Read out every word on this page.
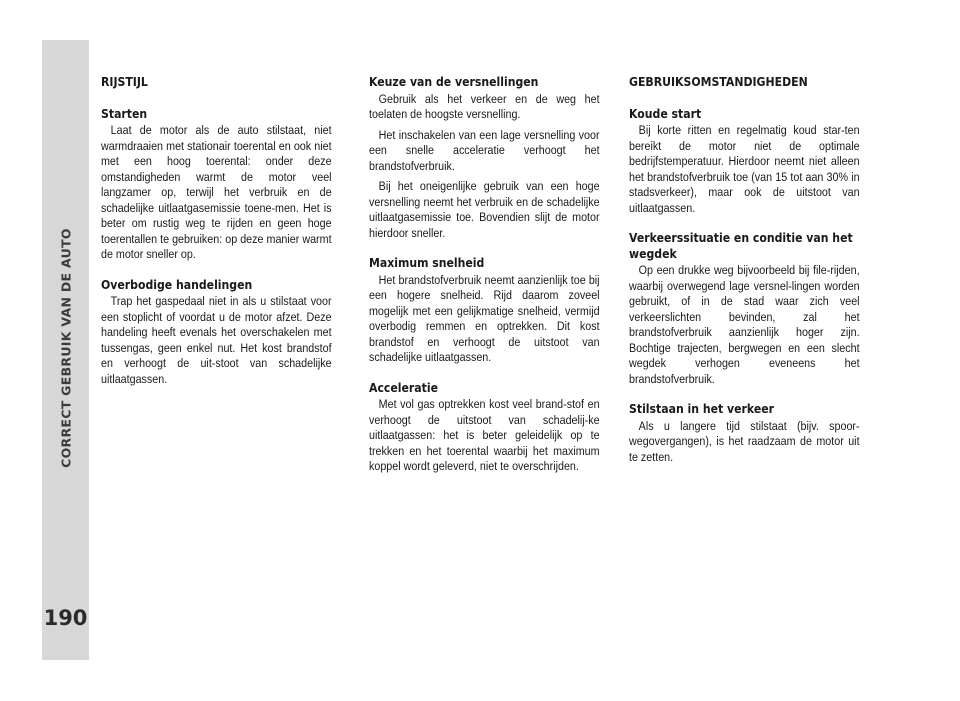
CORRECT GEBRUIK VAN DE AUTO
190
RIJSTIJL
Starten

Laat de motor als de auto stilstaat, niet warmdraaien met stationair toerental en ook niet met een hoog toerental: onder deze omstandigheden warmt de motor veel langzamer op, terwijl het verbruik en de schadelijke uitlaatgasemissie toene-men. Het is beter om rustig weg te rijden en geen hoge toerentallen te gebruiken: op deze manier warmt de motor sneller op.

Overbodige handelingen

Trap het gaspedaal niet in als u stilstaat voor een stoplicht of voordat u de motor afzet. Deze handeling heeft evenals het overschakelen met tussengas, geen enkel nut. Het kost brandstof en verhoogt de uit-stoot van schadelijke uitlaatgassen.

Keuze van de versnellingen

Gebruik als het verkeer en de weg het toelaten de hoogste versnelling.

Het inschakelen van een lage versnelling voor een snelle acceleratie verhoogt het brandstofverbruik.

Bij het oneigenlijke gebruik van een hoge versnelling neemt het verbruik en de schadelijke uitlaatgasemissie toe. Bovendien slijt de motor hierdoor sneller.

Maximum snelheid

Het brandstofverbruik neemt aanzienlijk toe bij een hogere snelheid. Rijd daarom zoveel mogelijk met een gelijkmatige snelheid, vermijd overbodig remmen en optrekken. Dit kost brandstof en verhoogt de uitstoot van schadelijke uitlaatgassen.

Acceleratie

Met vol gas optrekken kost veel brand-stof en verhoogt de uitstoot van schadelij-ke uitlaatgassen: het is beter geleidelijk op te trekken en het toerental waarbij het maximum koppel wordt geleverd, niet te overschrijden.

GEBRUIKSOMSTANDIGHEDEN
Koude start

Bij korte ritten en regelmatig koud star-ten bereikt de motor niet de optimale bedrijfstemperatuur. Hierdoor neemt niet alleen het brandstofverbruik toe (van 15 tot aan 30% in stadsverkeer), maar ook de uitstoot van uitlaatgassen.

Verkeerssituatie en conditie van het wegdek

Op een drukke weg bijvoorbeeld bij file-rijden, waarbij overwegend lage versnel-lingen worden gebruikt, of in de stad waar zich veel verkeerslichten bevinden, zal het brandstofverbruik aanzienlijk hoger zijn. Bochtige trajecten, bergwegen en een slecht wegdek verhogen eveneens het brandstofverbruik.

Stilstaan in het verkeer

Als u langere tijd stilstaat (bijv. spoor-wegovergangen), is het raadzaam de motor uit te zetten.
